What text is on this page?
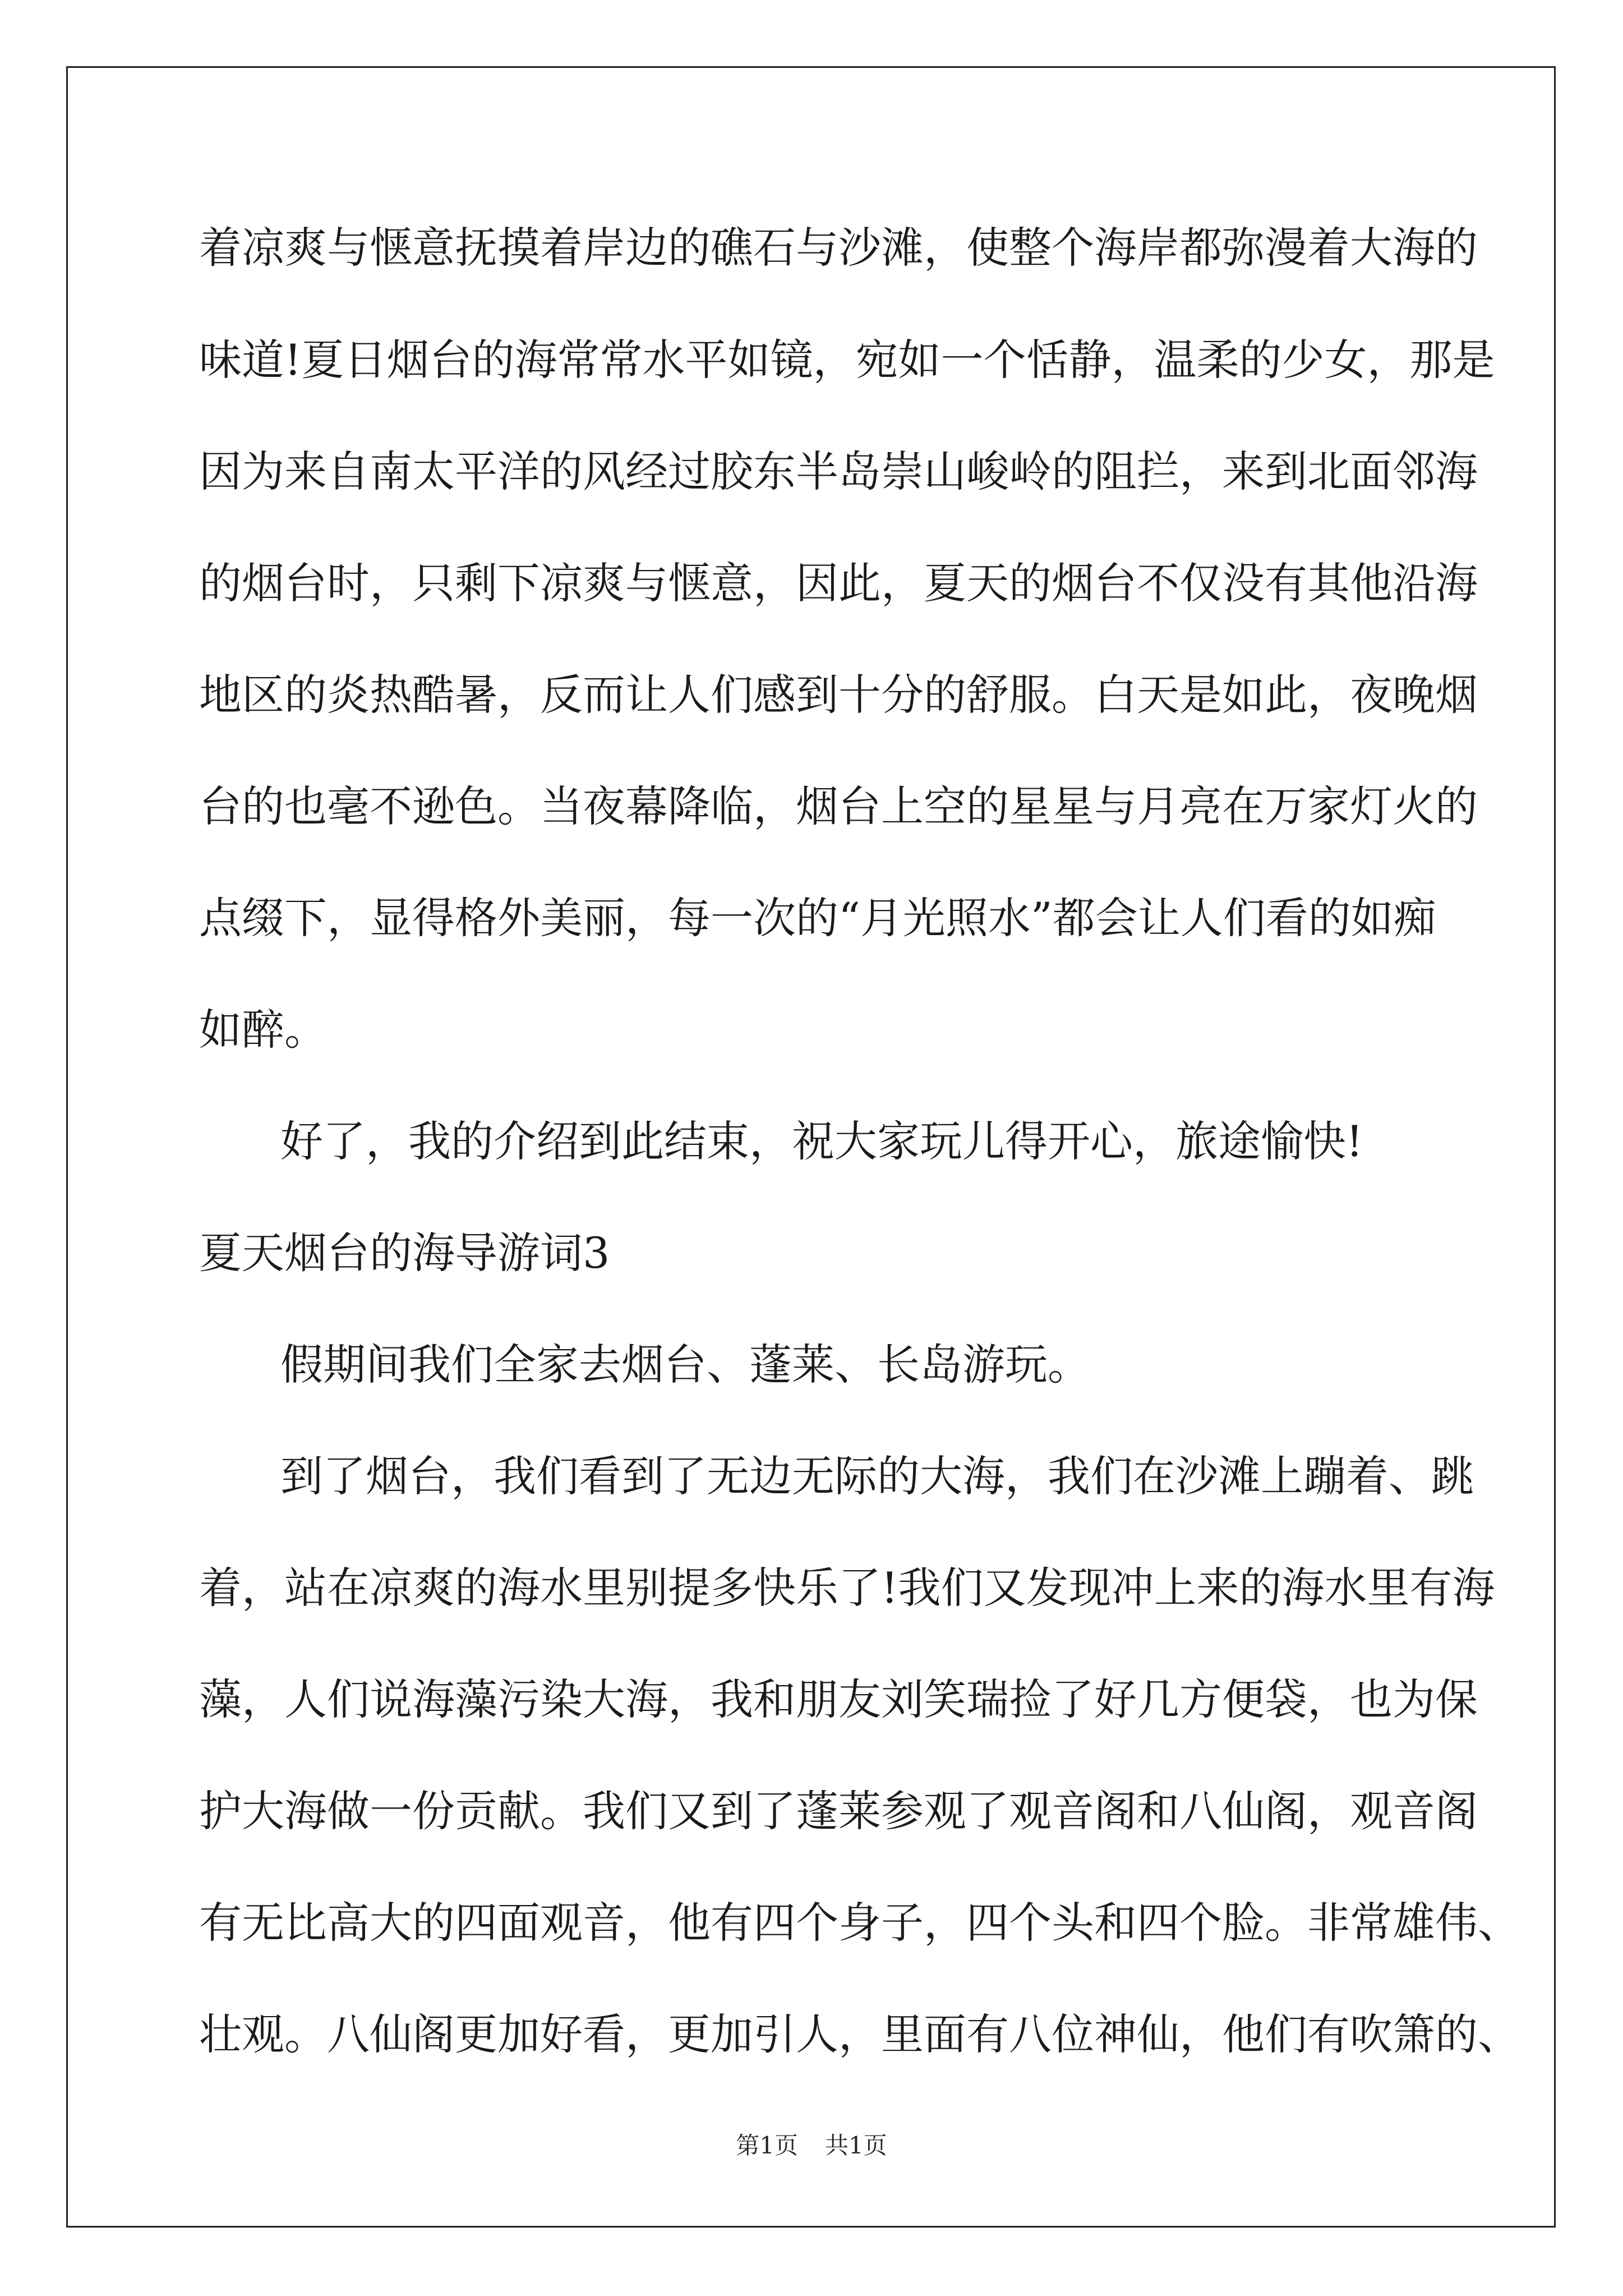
着凉爽与惬意抚摸着岸边的礁石与沙滩，使整个海岸都弥漫着大海的
味道!夏日烟台的海常常水平如镜，宛如一个恬静，温柔的少女，那是
因为来自南太平洋的风经过胶东半岛崇山峻岭的阻拦，来到北面邻海
的烟台时，只剩下凉爽与惬意，因此，夏天的烟台不仅没有其他沿海
地区的炎热酷暑，反而让人们感到十分的舒服。白天是如此，夜晚烟
台的也毫不逊色。当夜幕降临，烟台上空的星星与月亮在万家灯火的
点缀下，显得格外美丽，每一次的“月光照水”都会让人们看的如痴
如醉。
好了，我的介绍到此结束，祝大家玩儿得开心，旅途愉快!
夏天烟台的海导游词3
假期间我们全家去烟台、蓬莱、长岛游玩。
到了烟台，我们看到了无边无际的大海，我们在沙滩上蹦着、跳
着，站在凉爽的海水里别提多快乐了!我们又发现冲上来的海水里有海
藻，人们说海藻污染大海，我和朋友刘笑瑞捡了好几方便袋，也为保
护大海做一份贡献。我们又到了蓬莱参观了观音阁和八仙阁，观音阁
有无比高大的四面观音，他有四个身子，四个头和四个脸。非常雄伟、
壮观。八仙阁更加好看，更加引人，里面有八位神仙，他们有吹箫的、
第1页 共1页
